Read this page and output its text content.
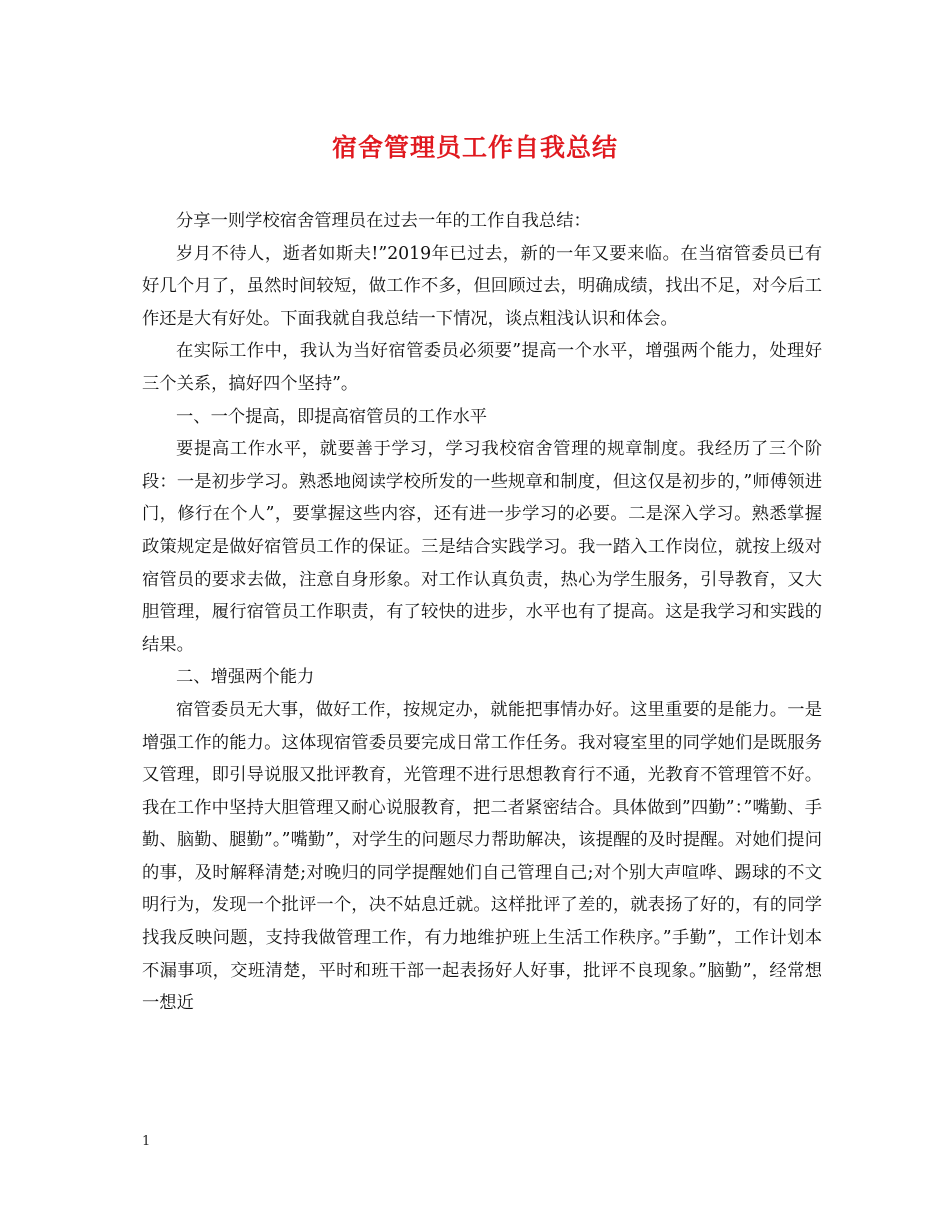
宿舍管理员工作自我总结

分享一则学校宿舍管理员在过去一年的工作自我总结：

岁月不待人，逝者如斯夫!”2019年已过去，新的一年又要来临。在当宿管委员已有好几个月了，虽然时间较短，做工作不多，但回顾过去，明确成绩，找出不足，对今后工作还是大有好处。下面我就自我总结一下情况，谈点粗浅认识和体会。

在实际工作中，我认为当好宿管委员必须要”提高一个水平，增强两个能力，处理好三个关系，搞好四个坚持”。

一、一个提高，即提高宿管员的工作水平

要提高工作水平，就要善于学习，学习我校宿舍管理的规章制度。我经历了三个阶段：一是初步学习。熟悉地阅读学校所发的一些规章和制度，但这仅是初步的，”师傅领进门，修行在个人”，要掌握这些内容，还有进一步学习的必要。二是深入学习。熟悉掌握政策规定是做好宿管员工作的保证。三是结合实践学习。我一踏入工作岗位，就按上级对宿管员的要求去做，注意自身形象。对工作认真负责，热心为学生服务，引导教育，又大胆管理，履行宿管员工作职责，有了较快的进步，水平也有了提高。这是我学习和实践的结果。

二、增强两个能力

宿管委员无大事，做好工作，按规定办，就能把事情办好。这里重要的是能力。一是增强工作的能力。这体现宿管委员要完成日常工作任务。我对寝室里的同学她们是既服务又管理，即引导说服又批评教育，光管理不进行思想教育行不通，光教育不管理管不好。我在工作中坚持大胆管理又耐心说服教育，把二者紧密结合。具体做到”四勤”：”嘴勤、手勤、脑勤、腿勤”。”嘴勤”，对学生的问题尽力帮助解决，该提醒的及时提醒。对她们提问的事，及时解释清楚;对晚归的同学提醒她们自己管理自己;对个别大声喧哗、踢球的不文明行为，发现一个批评一个，决不姑息迁就。这样批评了差的，就表扬了好的，有的同学找我反映问题，支持我做管理工作，有力地维护班上生活工作秩序。”手勤”，工作计划本不漏事项，交班清楚，平时和班干部一起表扬好人好事，批评不良现象。”脑勤”，经常想一想近

1
